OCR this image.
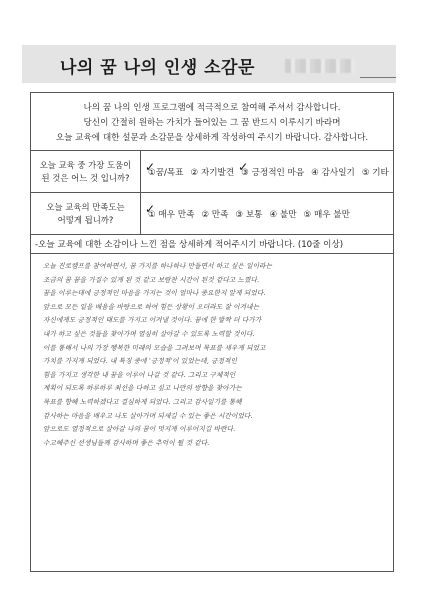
나의 꿈 나의 인생 소감문
나의 꿈 나의 인생 프로그램에 적극적으로 참여해 주셔서 감사합니다.
당신이 간절히 원하는 가치가 들어있는 그 꿈 반드시 이루시기 바라며
오늘 교육에 대한 설문과 소감문을 상세하게 작성하여 주시기 바랍니다. 감사합니다.
오늘 교육 중 가장 도움이
된 것은 어느 것 입니까? ✓ ①꿈/목표 ② 자기발견 ✓ ③ 긍정적인 마음 ④ 감사일기 ⑤ 기타
오늘 교육의 만족도는
어떻게 됩니까?	✓ ① 매우 만족 ② 만족 ③ 보통 ④ 불만 ⑤ 매우 불만
-오늘 교육에 대한 소감이나 느낀 점을 상세하게 적어주시기 바랍니다. (10줄 이상)
오늘 진로캠프를 참여하면서, 꿈 가지를 하나하나 만들면서 하고 싶은 일이라는
조금의 꿈 꿈을 가질수 있게 된 것 같고 보람찬 시간이 된것 같다고 느꼈다.
꿈을 이루는데에 긍정적인 마음을 가지는 것이 얼마나 중요한지 알게 되었다.
앞으로 모든 일을 배움을 바탕으로 하여 힘든 상황이 오더라도 잘 이겨내는
자신에게도 긍정적인 태도를 가지고 이겨낼 것이다. 꿈에 한 발짝 더 다가가
내가 하고 싶은 것들을 찾아가며 열심히 살아갈 수 있도록 노력할 것이다.
이를 통해서 나의 가장 행복한 미래의 모습을 그려보며 목표를 세우게 되었고
가치를 가지게 되었다. 내 특징 중에 '긍정적'이 있었는데, 긍정적인
힘을 가지고 생각한 내 꿈을 이루어 나갈 것 같다. 그리고 구체적인
계획이 되도록 하루하루 최선을 다하고 싶고 나만의 방향을 찾아가는
목표를 향해 노력하겠다고 결심하게 되었다. 그리고 감사일기를 통해
감사하는 마음을 배우고 나도 살아가며 되새길 수 있는 좋은 시간이었다.
앞으로도 열정적으로 살아갈 나의 꿈이 멋지게 이루어지길 바란다.
수고해주신 선생님들께 감사하며 좋은 추억이 될 것 같다.
